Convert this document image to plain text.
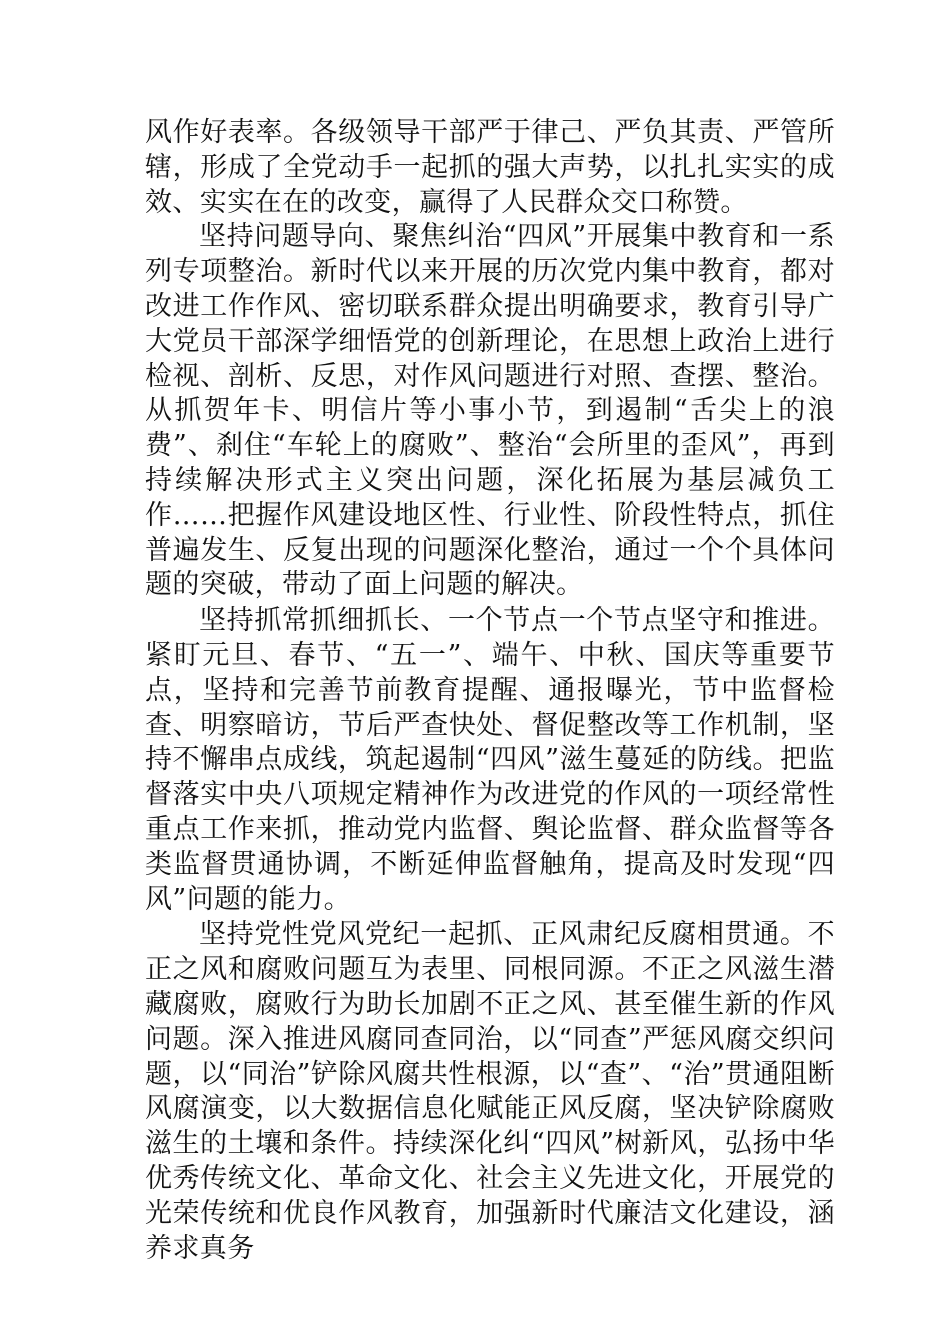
风作好表率。各级领导干部严于律己、严负其责、严管所辖，形成了全党动手一起抓的强大声势，以扎扎实实的成效、实实在在的改变，赢得了人民群众交口称赞。

坚持问题导向、聚焦纠治“四风”开展集中教育和一系列专项整治。新时代以来开展的历次党内集中教育，都对改进工作作风、密切联系群众提出明确要求，教育引导广大党员干部深学细悟党的创新理论，在思想上政治上进行检视、剖析、反思，对作风问题进行对照、查摆、整治。从抓贺年卡、明信片等小事小节，到遏制“舌尖上的浪费”、刹住“车轮上的腐败”、整治“会所里的歪风”，再到持续解决形式主义突出问题，深化拓展为基层减负工作……把握作风建设地区性、行业性、阶段性特点，抓住普遍发生、反复出现的问题深化整治，通过一个个具体问题的突破，带动了面上问题的解决。

坚持抓常抓细抓长、一个节点一个节点坚守和推进。紧盯元旦、春节、“五一”、端午、中秋、国庆等重要节点，坚持和完善节前教育提醒、通报曝光，节中监督检查、明察暗访，节后严查快处、督促整改等工作机制，坚持不懈串点成线，筑起遏制“四风”滋生蔓延的防线。把监督落实中央八项规定精神作为改进党的作风的一项经常性重点工作来抓，推动党内监督、舆论监督、群众监督等各类监督贯通协调，不断延伸监督触角，提高及时发现“四风”问题的能力。

坚持党性党风党纪一起抓、正风肃纪反腐相贯通。不正之风和腐败问题互为表里、同根同源。不正之风滋生潜藏腐败，腐败行为助长加剧不正之风、甚至催生新的作风问题。深入推进风腐同查同治，以“同查”严惩风腐交织问题，以“同治”铲除风腐共性根源，以“查”、“治”贯通阻断风腐演变，以大数据信息化赋能正风反腐，坚决铲除腐败滋生的土壤和条件。持续深化纠“四风”树新风，弘扬中华优秀传统文化、革命文化、社会主义先进文化，开展党的光荣传统和优良作风教育，加强新时代廉洁文化建设，涵养求真务
